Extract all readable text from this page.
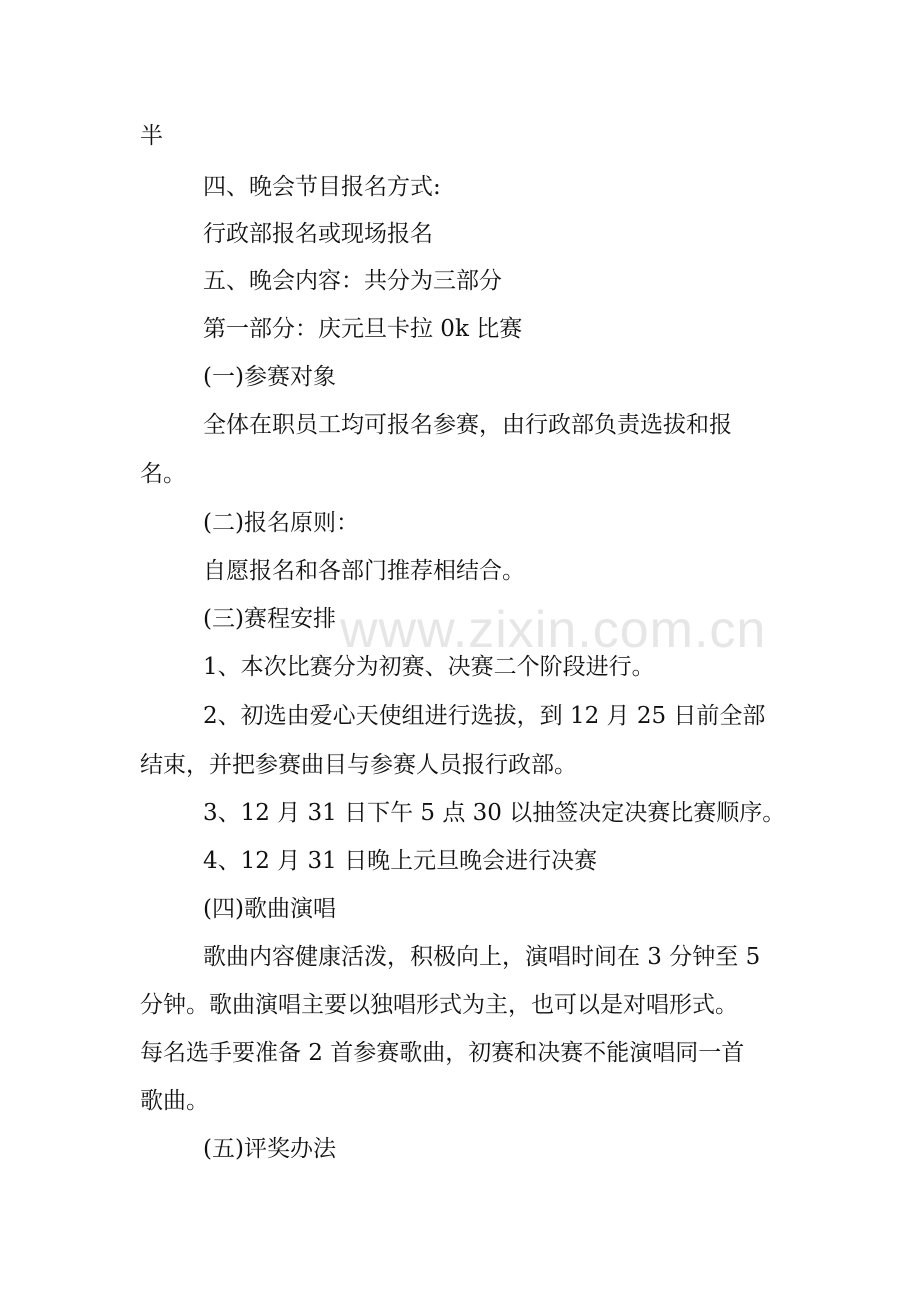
www.zixin.com.cn

半

四、晚会节目报名方式:

行政部报名或现场报名

五、晚会内容：共分为三部分

第一部分：庆元旦卡拉 0k 比赛

(一)参赛对象

全体在职员工均可报名参赛，由行政部负责选拔和报

名。

(二)报名原则：

自愿报名和各部门推荐相结合。

(三)赛程安排

1、本次比赛分为初赛、决赛二个阶段进行。

2、初选由爱心天使组进行选拔，到 12 月 25 日前全部

结束，并把参赛曲目与参赛人员报行政部。

3、12 月 31 日下午 5 点 30 以抽签决定决赛比赛顺序。

4、12 月 31 日晚上元旦晚会进行决赛

(四)歌曲演唱

歌曲内容健康活泼，积极向上，演唱时间在 3 分钟至 5

分钟。歌曲演唱主要以独唱形式为主，也可以是对唱形式。

每名选手要准备 2 首参赛歌曲，初赛和决赛不能演唱同一首

歌曲。

(五)评奖办法
